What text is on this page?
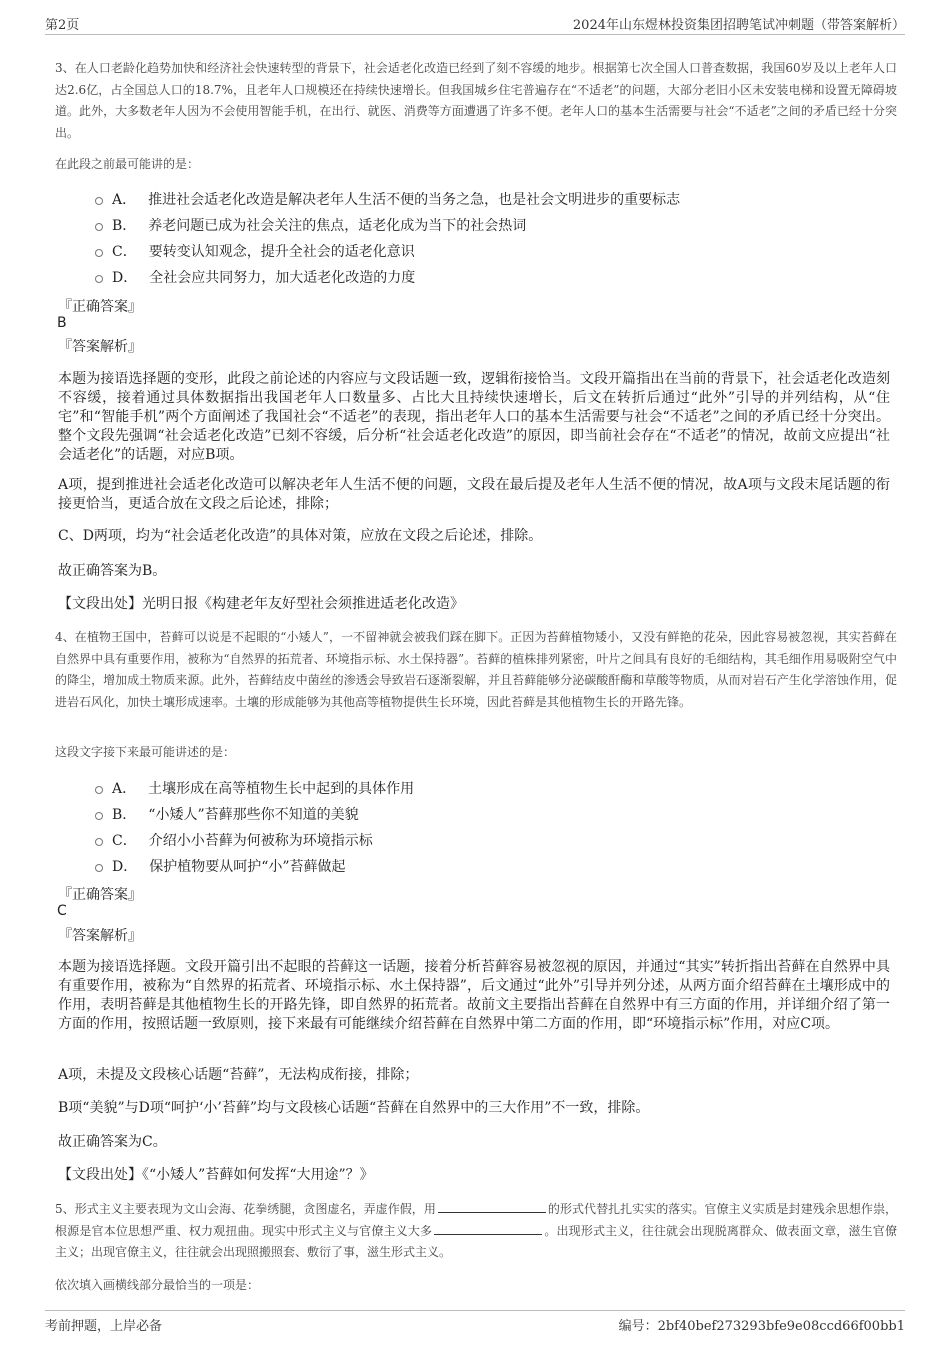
第2页	2024年山东煜林投资集团招聘笔试冲刺题（带答案解析）

3、在人口老龄化趋势加快和经济社会快速转型的背景下，社会适老化改造已经到了刻不容缓的地步。根据第七次全国人口普查数据，我国60岁及以上老年人口达2.6亿，占全国总人口的18.7%，且老年人口规模还在持续快速增长。但我国城乡住宅普遍存在“不适老”的问题，大部分老旧小区未安装电梯和设置无障碍坡道。此外，大多数老年人因为不会使用智能手机，在出行、就医、消费等方面遭遇了许多不便。老年人口的基本生活需要与社会“不适老”之间的矛盾已经十分突出。

在此段之前最可能讲的是：

A． 推进社会适老化改造是解决老年人生活不便的当务之急，也是社会文明进步的重要标志
B． 养老问题已成为社会关注的焦点，适老化成为当下的社会热词
C． 要转变认知观念，提升全社会的适老化意识
D． 全社会应共同努力，加大适老化改造的力度

『正确答案』

B

『答案解析』

本题为接语选择题的变形，此段之前论述的内容应与文段话题一致，逻辑衔接恰当。文段开篇指出在当前的背景下，社会适老化改造刻不容缓，接着通过具体数据指出我国老年人口数量多、占比大且持续快速增长，后文在转折后通过“此外”引导的并列结构，从“住宅”和“智能手机”两个方面阐述了我国社会“不适老”的表现，指出老年人口的基本生活需要与社会“不适老”之间的矛盾已经十分突出。整个文段先强调“社会适老化改造”已刻不容缓，后分析“社会适老化改造”的原因，即当前社会存在“不适老”的情况，故前文应提出“社会适老化”的话题，对应B项。

A项，提到推进社会适老化改造可以解决老年人生活不便的问题，文段在最后提及老年人生活不便的情况，故A项与文段末尾话题的衔接更恰当，更适合放在文段之后论述，排除；

C、D两项，均为“社会适老化改造”的具体对策，应放在文段之后论述，排除。

故正确答案为B。

【文段出处】光明日报《构建老年友好型社会须推进适老化改造》

4、在植物王国中，苔藓可以说是不起眼的“小矮人”，一不留神就会被我们踩在脚下。正因为苔藓植物矮小，又没有鲜艳的花朵，因此容易被忽视，其实苔藓在自然界中具有重要作用，被称为“自然界的拓荒者、环境指示标、水土保持器”。苔藓的植株排列紧密，叶片之间具有良好的毛细结构，其毛细作用易吸附空气中的降尘，增加成土物质来源。此外，苔藓结皮中菌丝的渗透会导致岩石逐渐裂解，并且苔藓能够分泌碳酸酐酶和草酸等物质，从而对岩石产生化学溶蚀作用，促进岩石风化，加快土壤形成速率。土壤的形成能够为其他高等植物提供生长环境，因此苔藓是其他植物生长的开路先锋。

这段文字接下来最可能讲述的是：

A． 土壤形成在高等植物生长中起到的具体作用
B． “小矮人”苔藓那些你不知道的美貌
C． 介绍小小苔藓为何被称为环境指示标
D． 保护植物要从呵护“小”苔藓做起

『正确答案』

C

『答案解析』

本题为接语选择题。文段开篇引出不起眼的苔藓这一话题，接着分析苔藓容易被忽视的原因，并通过“其实”转折指出苔藓在自然界中具有重要作用，被称为“自然界的拓荒者、环境指示标、水土保持器”，后文通过“此外”引导并列分述，从两方面介绍苔藓在土壤形成中的作用，表明苔藓是其他植物生长的开路先锋，即自然界的拓荒者。故前文主要指出苔藓在自然界中有三方面的作用，并详细介绍了第一方面的作用，按照话题一致原则，接下来最有可能继续介绍苔藓在自然界中第二方面的作用，即“环境指示标”作用，对应C项。

A项，未提及文段核心话题“苔藓”，无法构成衔接，排除；

B项“美貌”与D项“呵护‘小’苔藓”均与文段核心话题“苔藓在自然界中的三大作用”不一致，排除。

故正确答案为C。

【文段出处】《“小矮人”苔藓如何发挥“大用途”？》

5、形式主义主要表现为文山会海、花拳绣腿，贪图虚名，弄虚作假，用	的形式代替扎扎实实的落实。官僚主义实质是封建残余思想作祟，根源是官本位思想严重、权力观扭曲。现实中形式主义与官僚主义大多	。出现形式主义，往往就会出现脱离群众、做表面文章，滋生官僚主义；出现官僚主义，往往就会出现照搬照套、敷衍了事，滋生形式主义。

依次填入画横线部分最恰当的一项是：

考前押题，上岸必备	编号：2bf40bef273293bfe9e08ccd66f00bb1
